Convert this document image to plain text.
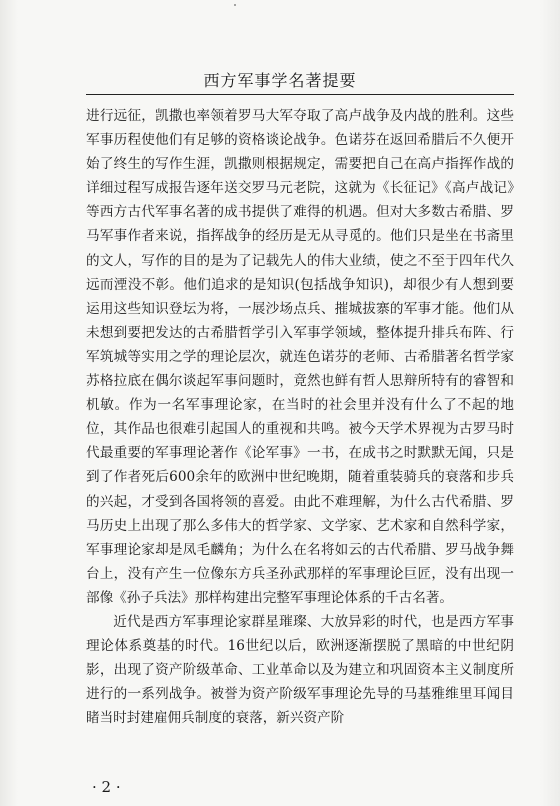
西方军事学名著提要

进行远征，凯撒也率领着罗马大军夺取了高卢战争及内战的胜利。这些军事历程使他们有足够的资格谈论战争。色诺芬在返回希腊后不久便开始了终生的写作生涯，凯撒则根据规定，需要把自己在高卢指挥作战的详细过程写成报告逐年送交罗马元老院，这就为《长征记》《高卢战记》等西方古代军事名著的成书提供了难得的机遇。但对大多数古希腊、罗马军事作者来说，指挥战争的经历是无从寻觅的。他们只是坐在书斋里的文人，写作的目的是为了记载先人的伟大业绩，使之不至于四年代久远而湮没不彰。他们追求的是知识(包括战争知识)，却很少有人想到要运用这些知识登坛为将，一展沙场点兵、摧城拔寨的军事才能。他们从未想到要把发达的古希腊哲学引入军事学领域，整体提升排兵布阵、行军筑城等实用之学的理论层次，就连色诺芬的老师、古希腊著名哲学家苏格拉底在偶尔谈起军事问题时，竟然也鲜有哲人思辩所特有的睿智和机敏。作为一名军事理论家，在当时的社会里并没有什么了不起的地位，其作品也很难引起国人的重视和共鸣。被今天学术界视为古罗马时代最重要的军事理论著作《论军事》一书，在成书之时默默无闻，只是到了作者死后600余年的欧洲中世纪晚期，随着重装骑兵的衰落和步兵的兴起，才受到各国将领的喜爱。由此不难理解，为什么古代希腊、罗马历史上出现了那么多伟大的哲学家、文学家、艺术家和自然科学家，军事理论家却是凤毛麟角；为什么在名将如云的古代希腊、罗马战争舞台上，没有产生一位像东方兵圣孙武那样的军事理论巨匠，没有出现一部像《孙子兵法》那样构建出完整军事理论体系的千古名著。

近代是西方军事理论家群星璀璨、大放异彩的时代，也是西方军事理论体系奠基的时代。16世纪以后，欧洲逐渐摆脱了黑暗的中世纪阴影，出现了资产阶级革命、工业革命以及为建立和巩固资本主义制度所进行的一系列战争。被誉为资产阶级军事理论先导的马基雅维里耳闻目睹当时封建雇佣兵制度的衰落，新兴资产阶

· 2 ·
